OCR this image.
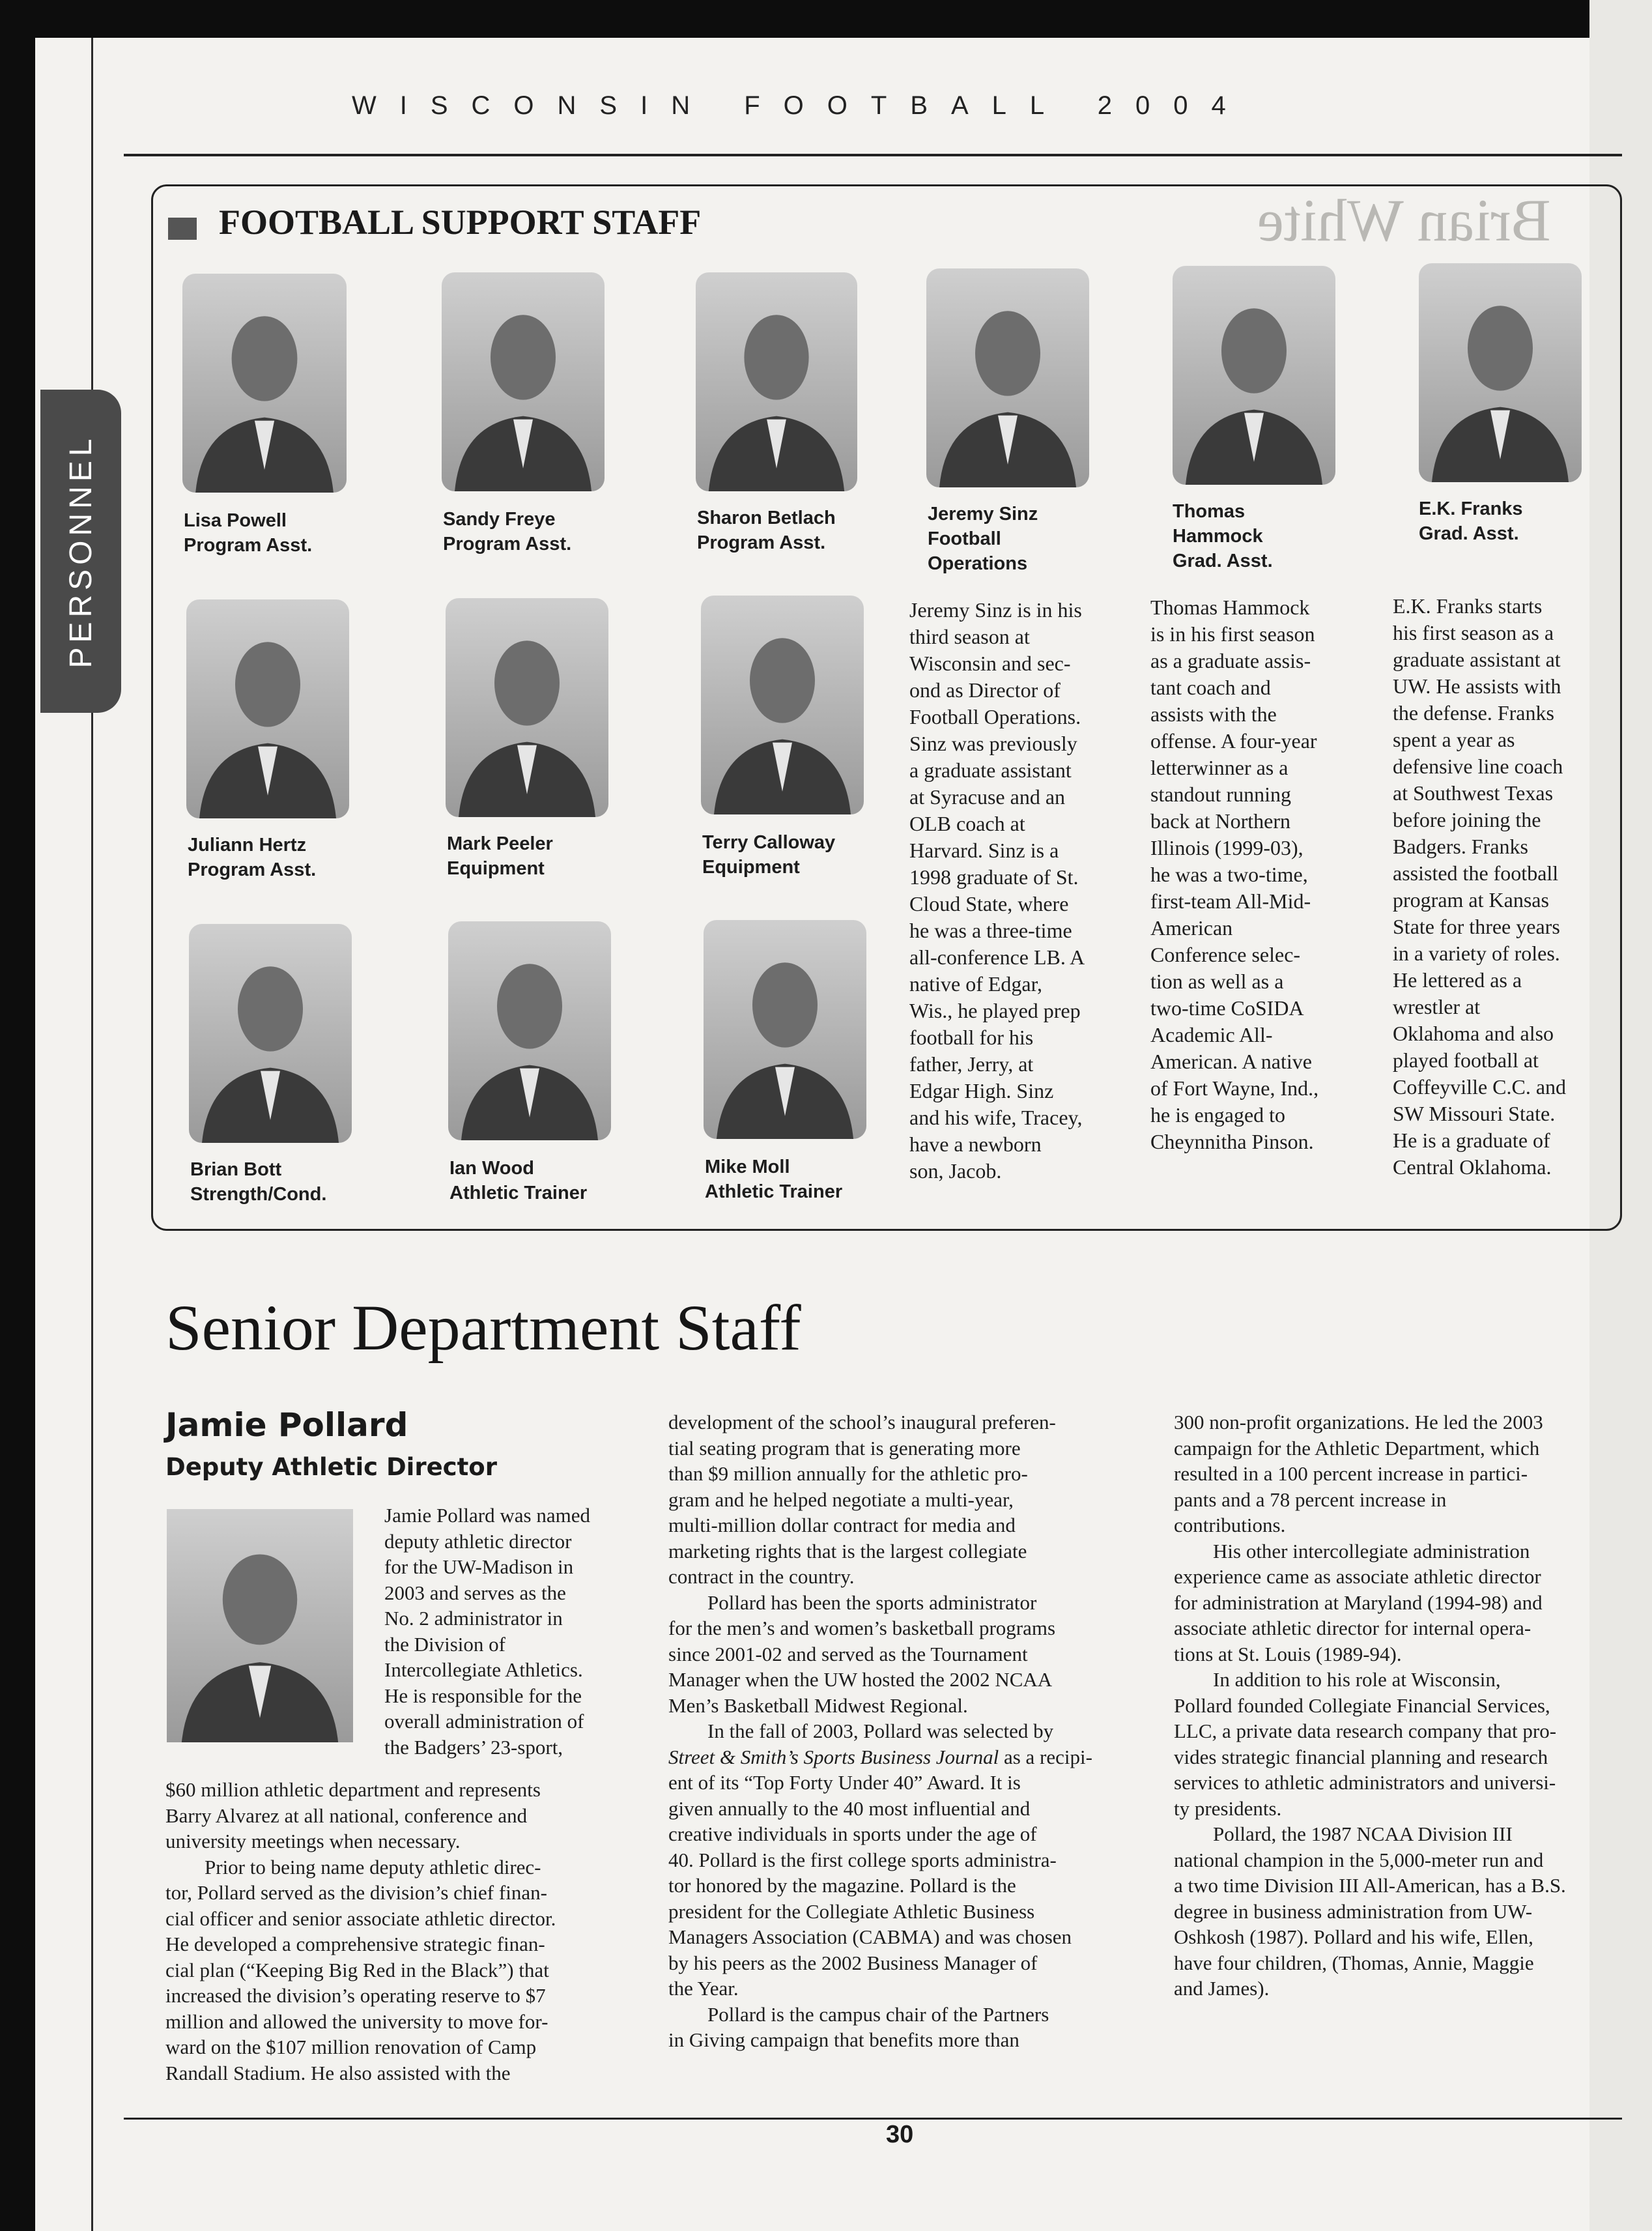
Brian White
WISCONSIN FOOTBALL 2004
PERSONNEL
FOOTBALL SUPPORT STAFF
Lisa Powell
Program Asst.
Sandy Freye
Program Asst.
Sharon Betlach
Program Asst.
Jeremy Sinz
Football
Operations
Thomas
Hammock
Grad. Asst.
E.K. Franks
Grad. Asst.
Juliann Hertz
Program Asst.
Mark Peeler
Equipment
Terry Calloway
Equipment
Brian Bott
Strength/Cond.
Ian Wood
Athletic Trainer
Mike Moll
Athletic Trainer
Jeremy Sinz is in his
third season at
Wisconsin and sec-
ond as Director of
Football Operations.
Sinz was previously
a graduate assistant
at Syracuse and an
OLB coach at
Harvard. Sinz is a
1998 graduate of St.
Cloud State, where
he was a three-time
all-conference LB. A
native of Edgar,
Wis., he played prep
football for his
father, Jerry, at
Edgar High. Sinz
and his wife, Tracey,
have a newborn
son, Jacob.
Thomas Hammock
is in his first season
as a graduate assis-
tant coach and
assists with the
offense. A four-year
letterwinner as a
standout running
back at Northern
Illinois (1999-03),
he was a two-time,
first-team All-Mid-
American
Conference selec-
tion as well as a
two-time CoSIDA
Academic All-
American. A native
of Fort Wayne, Ind.,
he is engaged to
Cheynnitha Pinson.
E.K. Franks starts
his first season as a
graduate assistant at
UW. He assists with
the defense. Franks
spent a year as
defensive line coach
at Southwest Texas
before joining the
Badgers. Franks
assisted the football
program at Kansas
State for three years
in a variety of roles.
He lettered as a
wrestler at
Oklahoma and also
played football at
Coffeyville C.C. and
SW Missouri State.
He is a graduate of
Central Oklahoma.
Senior Department Staff
Jamie Pollard
Deputy Athletic Director
Jamie Pollard was named
deputy athletic director
for the UW-Madison in
2003 and serves as the
No. 2 administrator in
the Division of
Intercollegiate Athletics.
He is responsible for the
overall administration of
the Badgers’ 23-sport,
$60 million athletic department and represents
Barry Alvarez at all national, conference and
university meetings when necessary.
Prior to being name deputy athletic direc-
tor, Pollard served as the division’s chief finan-
cial officer and senior associate athletic director.
He developed a comprehensive strategic finan-
cial plan (“Keeping Big Red in the Black”) that
increased the division’s operating reserve to $7
million and allowed the university to move for-
ward on the $107 million renovation of Camp
Randall Stadium. He also assisted with the
development of the school’s inaugural preferen-
tial seating program that is generating more
than $9 million annually for the athletic pro-
gram and he helped negotiate a multi-year,
multi-million dollar contract for media and
marketing rights that is the largest collegiate
contract in the country.
Pollard has been the sports administrator
for the men’s and women’s basketball programs
since 2001-02 and served as the Tournament
Manager when the UW hosted the 2002 NCAA
Men’s Basketball Midwest Regional.
In the fall of 2003, Pollard was selected by
Street & Smith’s Sports Business Journal as a recipi-
ent of its “Top Forty Under 40” Award. It is
given annually to the 40 most influential and
creative individuals in sports under the age of
40. Pollard is the first college sports administra-
tor honored by the magazine. Pollard is the
president for the Collegiate Athletic Business
Managers Association (CABMA) and was chosen
by his peers as the 2002 Business Manager of
the Year.
Pollard is the campus chair of the Partners
in Giving campaign that benefits more than
300 non-profit organizations. He led the 2003
campaign for the Athletic Department, which
resulted in a 100 percent increase in partici-
pants and a 78 percent increase in
contributions.
His other intercollegiate administration
experience came as associate athletic director
for administration at Maryland (1994-98) and
associate athletic director for internal opera-
tions at St. Louis (1989-94).
In addition to his role at Wisconsin,
Pollard founded Collegiate Financial Services,
LLC, a private data research company that pro-
vides strategic financial planning and research
services to athletic administrators and universi-
ty presidents.
Pollard, the 1987 NCAA Division III
national champion in the 5,000-meter run and
a two time Division III All-American, has a B.S.
degree in business administration from UW-
Oshkosh (1987). Pollard and his wife, Ellen,
have four children, (Thomas, Annie, Maggie
and James).
30
